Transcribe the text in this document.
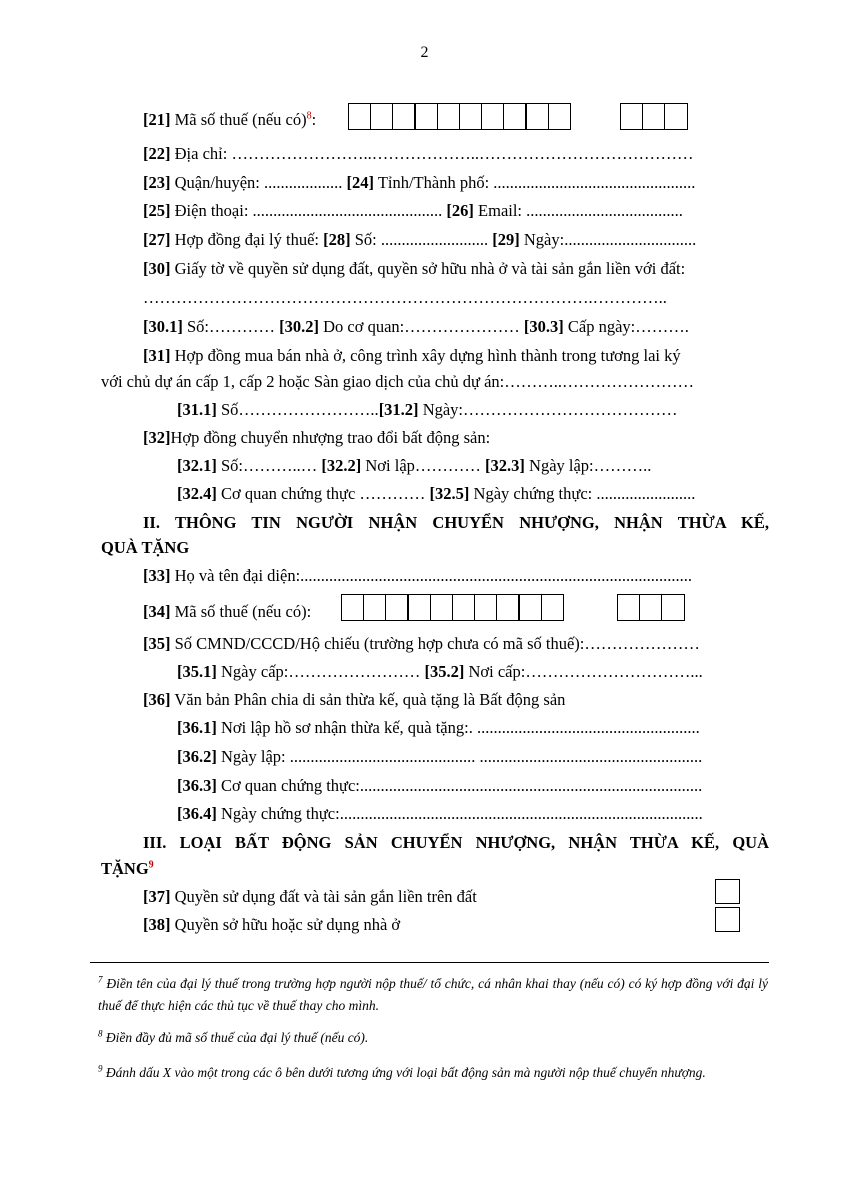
2
[21] Mã số thuế (nếu có)$^8$:
[22] Địa chỉ: ……………………..………………..…………………………………
[23] Quận/huyện: ................... [24] Tỉnh/Thành phố: .................................................
[25] Điện thoại: .............................................. [26] Email: ......................................
[27] Hợp đồng đại lý thuế: [28] Số: .......................... [29] Ngày:................................
[30] Giấy tờ về quyền sử dụng đất, quyền sở hữu nhà ở và tài sản gắn liền với đất:
……………………………………………………………………….…………..
[30.1] Số:………… [30.2] Do cơ quan:………………… [30.3] Cấp ngày:……….
[31] Hợp đồng mua bán nhà ở, công trình xây dựng hình thành trong tương lai ký
với chủ dự án cấp 1, cấp 2 hoặc Sàn giao dịch của chủ dự án:………..……………………
[31.1] Số……………………..[31.2] Ngày:…………………………………
[32]Hợp đồng chuyển nhượng trao đổi bất động sản:
[32.1] Số:………..… [32.2] Nơi lập………… [32.3] Ngày lập:………..
[32.4] Cơ quan chứng thực ………… [32.5] Ngày chứng thực: ........................
II. THÔNG TIN NGƯỜI NHẬN CHUYỂN NHƯỢNG, NHẬN THỪA KẾ,
QUÀ TẶNG
[33] Họ và tên đại diện:...............................................................................................
[34] Mã số thuế (nếu có):
[35] Số CMND/CCCD/Hộ chiếu (trường hợp chưa có mã số thuế):…………………
[35.1] Ngày cấp:…………………… [35.2] Nơi cấp:…………………………...
[36] Văn bản Phân chia di sản thừa kế, quà tặng là Bất động sản
[36.1] Nơi lập hồ sơ nhận thừa kế, quà tặng:. ......................................................
[36.2] Ngày lập: ............................................. ......................................................
[36.3] Cơ quan chứng thực:...................................................................................
[36.4] Ngày chứng thực:........................................................................................
III. LOẠI BẤT ĐỘNG SẢN CHUYỂN NHƯỢNG, NHẬN THỪA KẾ, QUÀ
TẶNG$^9$
[37] Quyền sử dụng đất và tài sản gắn liền trên đất
[38] Quyền sở hữu hoặc sử dụng nhà ở
$^7$ Điền tên của đại lý thuế trong trường hợp người nộp thuế/ tổ chức, cá nhân khai thay (nếu có) có ký hợp đồng với đại lý thuế để thực hiện các thủ tục về thuế thay cho mình.
$^8$ Điền đầy đủ mã số thuế của đại lý thuế (nếu có).
$^9$ Đánh dấu X vào một trong các ô bên dưới tương ứng với loại bất động sản mà người nộp thuế chuyển nhượng.
